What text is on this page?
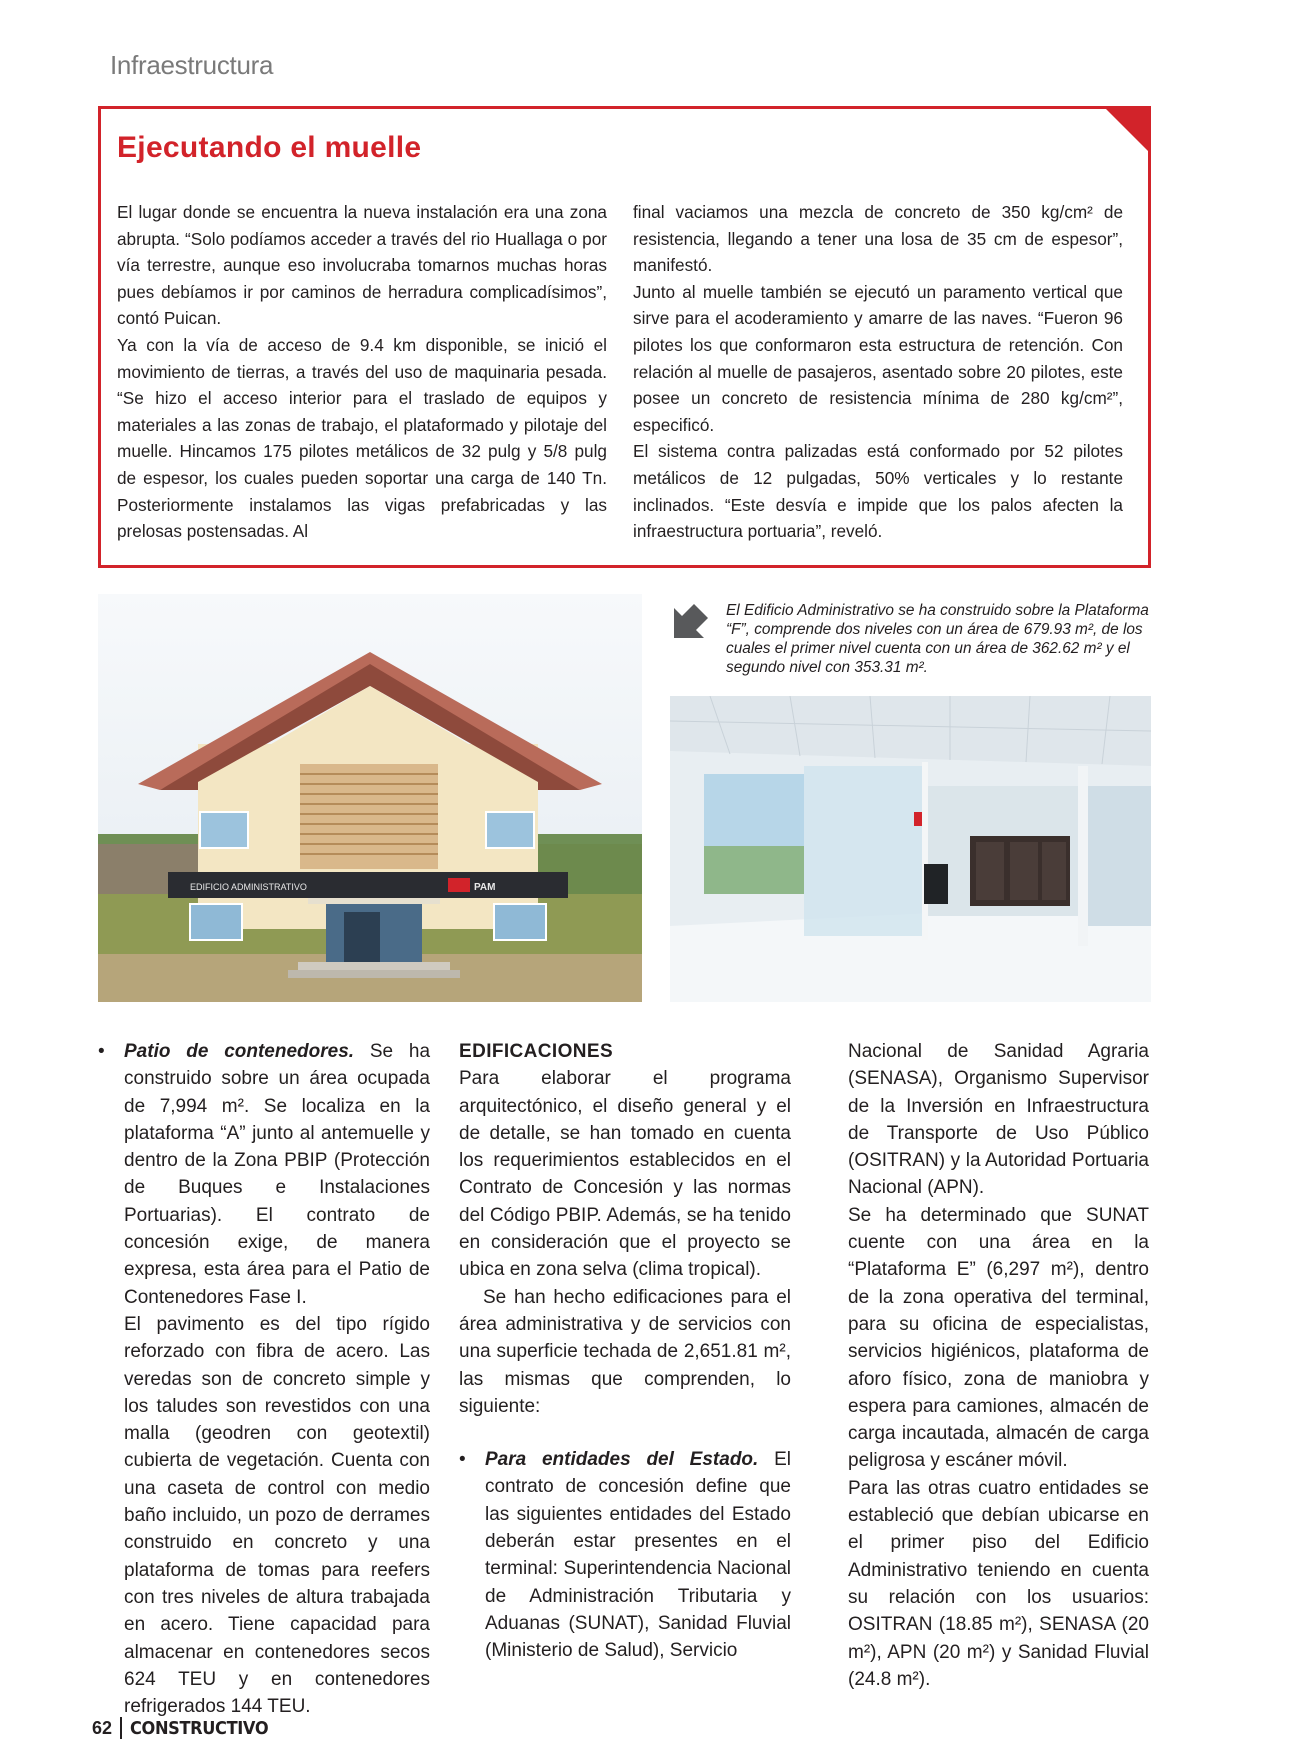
Infraestructura
Ejecutando el muelle

El lugar donde se encuentra la nueva instalación era una zona abrupta. “Solo podíamos acceder a través del rio Huallaga o por vía terrestre, aunque eso involucraba tomarnos muchas horas pues debíamos ir por caminos de herradura complicadísimos”, contó Puican.

Ya con la vía de acceso de 9.4 km disponible, se inició el movimiento de tierras, a través del uso de maquinaria pesada. “Se hizo el acceso interior para el traslado de equipos y materiales a las zonas de trabajo, el plataformado y pilotaje del muelle. Hincamos 175 pilotes metálicos de 32 pulg y 5/8 pulg de espesor, los cuales pueden soportar una carga de 140 Tn. Posteriormente instalamos las vigas prefabricadas y las prelosas postensadas. Al

final vaciamos una mezcla de concreto de 350 kg/cm² de resistencia, llegando a tener una losa de 35 cm de espesor”, manifestó.

Junto al muelle también se ejecutó un paramento vertical que sirve para el acoderamiento y amarre de las naves. “Fueron 96 pilotes los que conformaron esta estructura de retención. Con relación al muelle de pasajeros, asentado sobre 20 pilotes, este posee un concreto de resistencia mínima de 280 kg/cm²”, especificó.

El sistema contra palizadas está conformado por 52 pilotes metálicos de 12 pulgadas, 50% verticales y lo restante inclinados. “Este desvía e impide que los palos afecten la infraestructura portuaria”, reveló.

EDIFICIO ADMINISTRATIVO	PAM
El Edificio Administrativo se ha construido sobre la Plataforma “F”, comprende dos niveles con un área de 679.93 m², de los cuales el primer nivel cuenta con un área de 362.62 m² y el segundo nivel con 353.31 m².
• Patio de contenedores. Se ha construido sobre un área ocupada de 7,994 m². Se localiza en la plataforma “A” junto al antemuelle y dentro de la Zona PBIP (Protección de Buques e Instalaciones Portuarias). El contrato de concesión exige, de manera expresa, esta área para el Patio de Contenedores Fase I.

El pavimento es del tipo rígido reforzado con fibra de acero. Las veredas son de concreto simple y los taludes son revestidos con una malla (geodren con geotextil) cubierta de vegetación. Cuenta con una caseta de control con medio baño incluido, un pozo de derrames construido en concreto y una plataforma de tomas para reefers con tres niveles de altura trabajada en acero. Tiene capacidad para almacenar en contenedores secos 624 TEU y en contenedores refrigerados 144 TEU.

EDIFICACIONES

Para elaborar el programa arquitectónico, el diseño general y el de detalle, se han tomado en cuenta los requerimientos establecidos en el Contrato de Concesión y las normas del Código PBIP. Además, se ha tenido en consideración que el proyecto se ubica en zona selva (clima tropical).

Se han hecho edificaciones para el área administrativa y de servicios con una superficie techada de 2,651.81 m², las mismas que comprenden, lo siguiente:

• Para entidades del Estado. El contrato de concesión define que las siguientes entidades del Estado deberán estar presentes en el terminal: Superintendencia Nacional de Administración Tributaria y Aduanas (SUNAT), Sanidad Fluvial (Ministerio de Salud), Servicio

Nacional de Sanidad Agraria (SENASA), Organismo Supervisor de la Inversión en Infraestructura de Transporte de Uso Público (OSITRAN) y la Autoridad Portuaria Nacional (APN).

Se ha determinado que SUNAT cuente con una área en la “Plataforma E” (6,297 m²), dentro de la zona operativa del terminal, para su oficina de especialistas, servicios higiénicos, plataforma de aforo físico, zona de maniobra y espera para camiones, almacén de carga incautada, almacén de carga peligrosa y escáner móvil.

Para las otras cuatro entidades se estableció que debían ubicarse en el primer piso del Edificio Administrativo teniendo en cuenta su relación con los usuarios: OSITRAN (18.85 m²), SENASA (20 m²), APN (20 m²) y Sanidad Fluvial (24.8 m²).

62 CONSTRUCTIVO
